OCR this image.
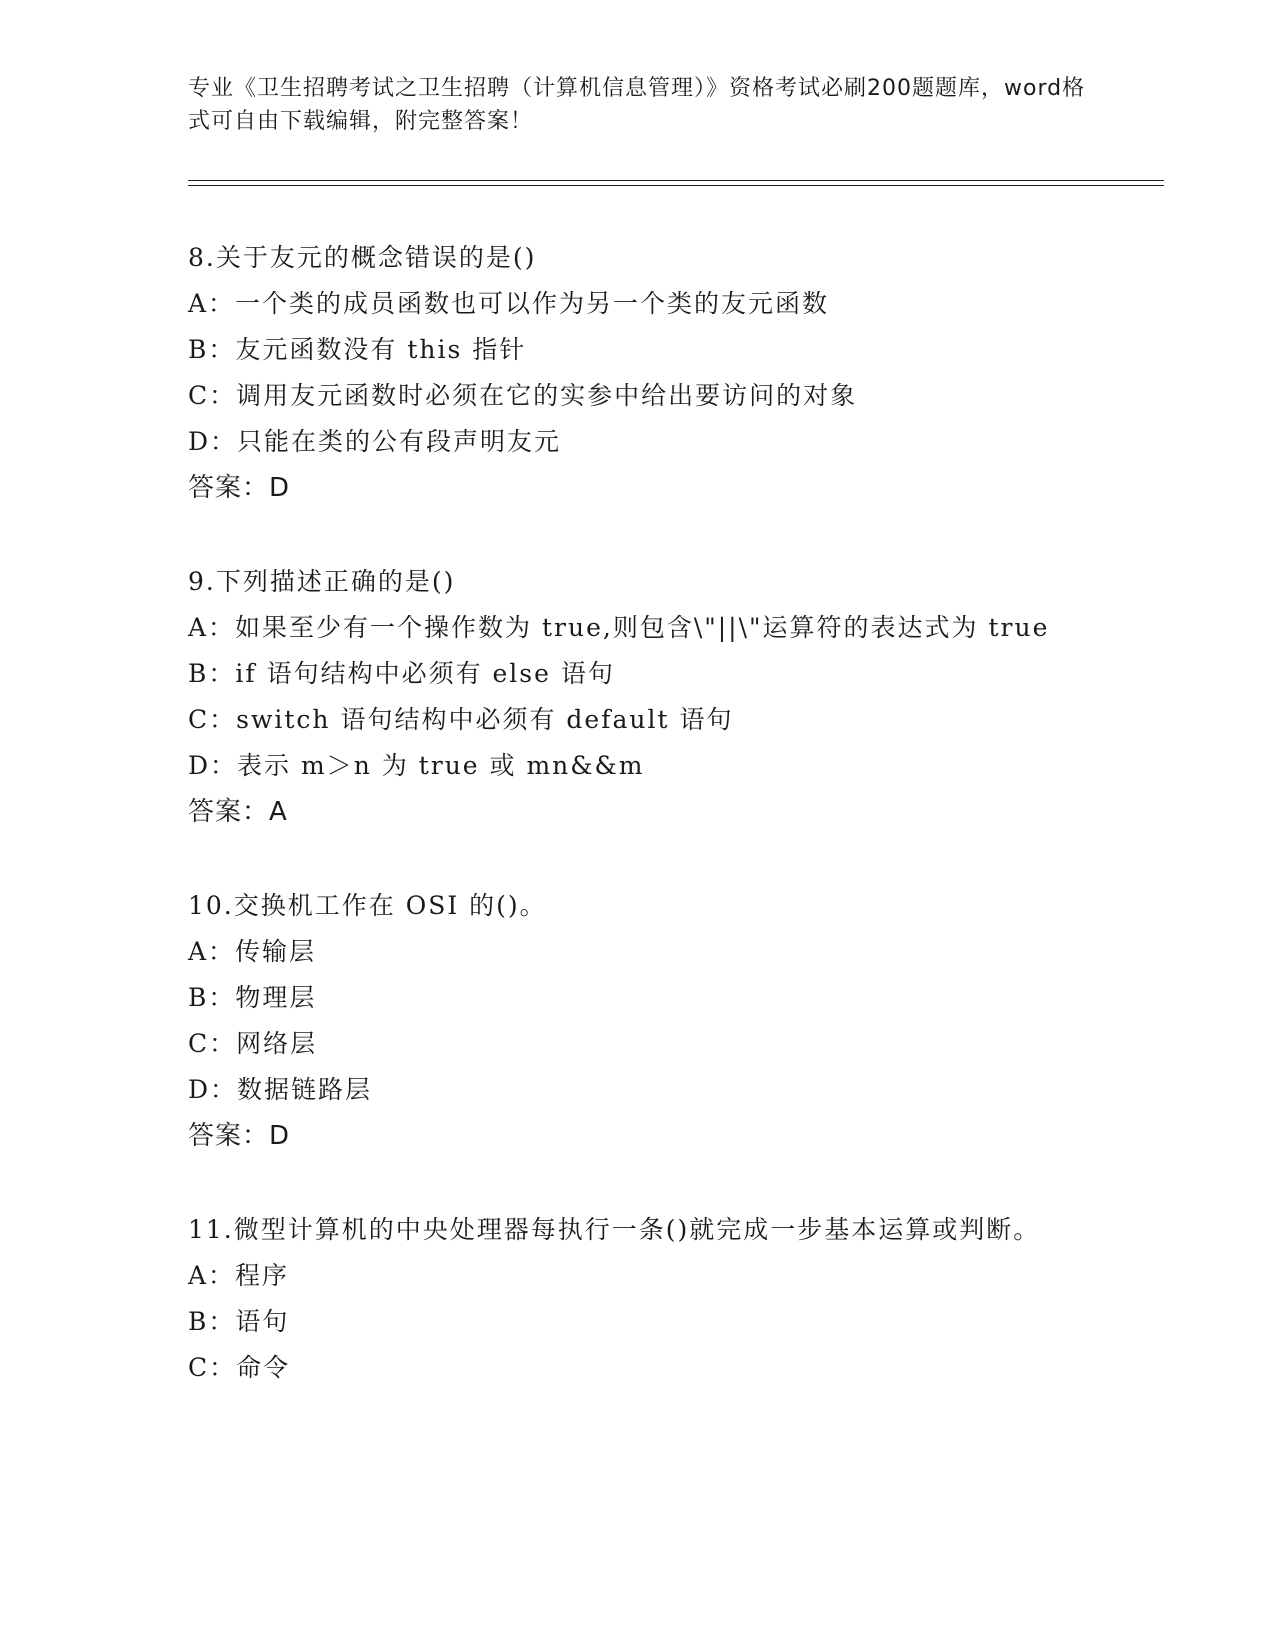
专业《卫生招聘考试之卫生招聘（计算机信息管理）》资格考试必刷200题题库，word格式可自由下载编辑，附完整答案！
8.关于友元的概念错误的是()
A：一个类的成员函数也可以作为另一个类的友元函数
B：友元函数没有 this 指针
C：调用友元函数时必须在它的实参中给出要访问的对象
D：只能在类的公有段声明友元
答案：D
9.下列描述正确的是()
A：如果至少有一个操作数为 true,则包含\"||\"运算符的表达式为 true
B：if 语句结构中必须有 else 语句
C：switch 语句结构中必须有 default 语句
D：表示 m＞n 为 true 或 mn&&m
答案：A
10.交换机工作在 OSI 的()。
A：传输层
B：物理层
C：网络层
D：数据链路层
答案：D
11.微型计算机的中央处理器每执行一条()就完成一步基本运算或判断。
A：程序
B：语句
C：命令
